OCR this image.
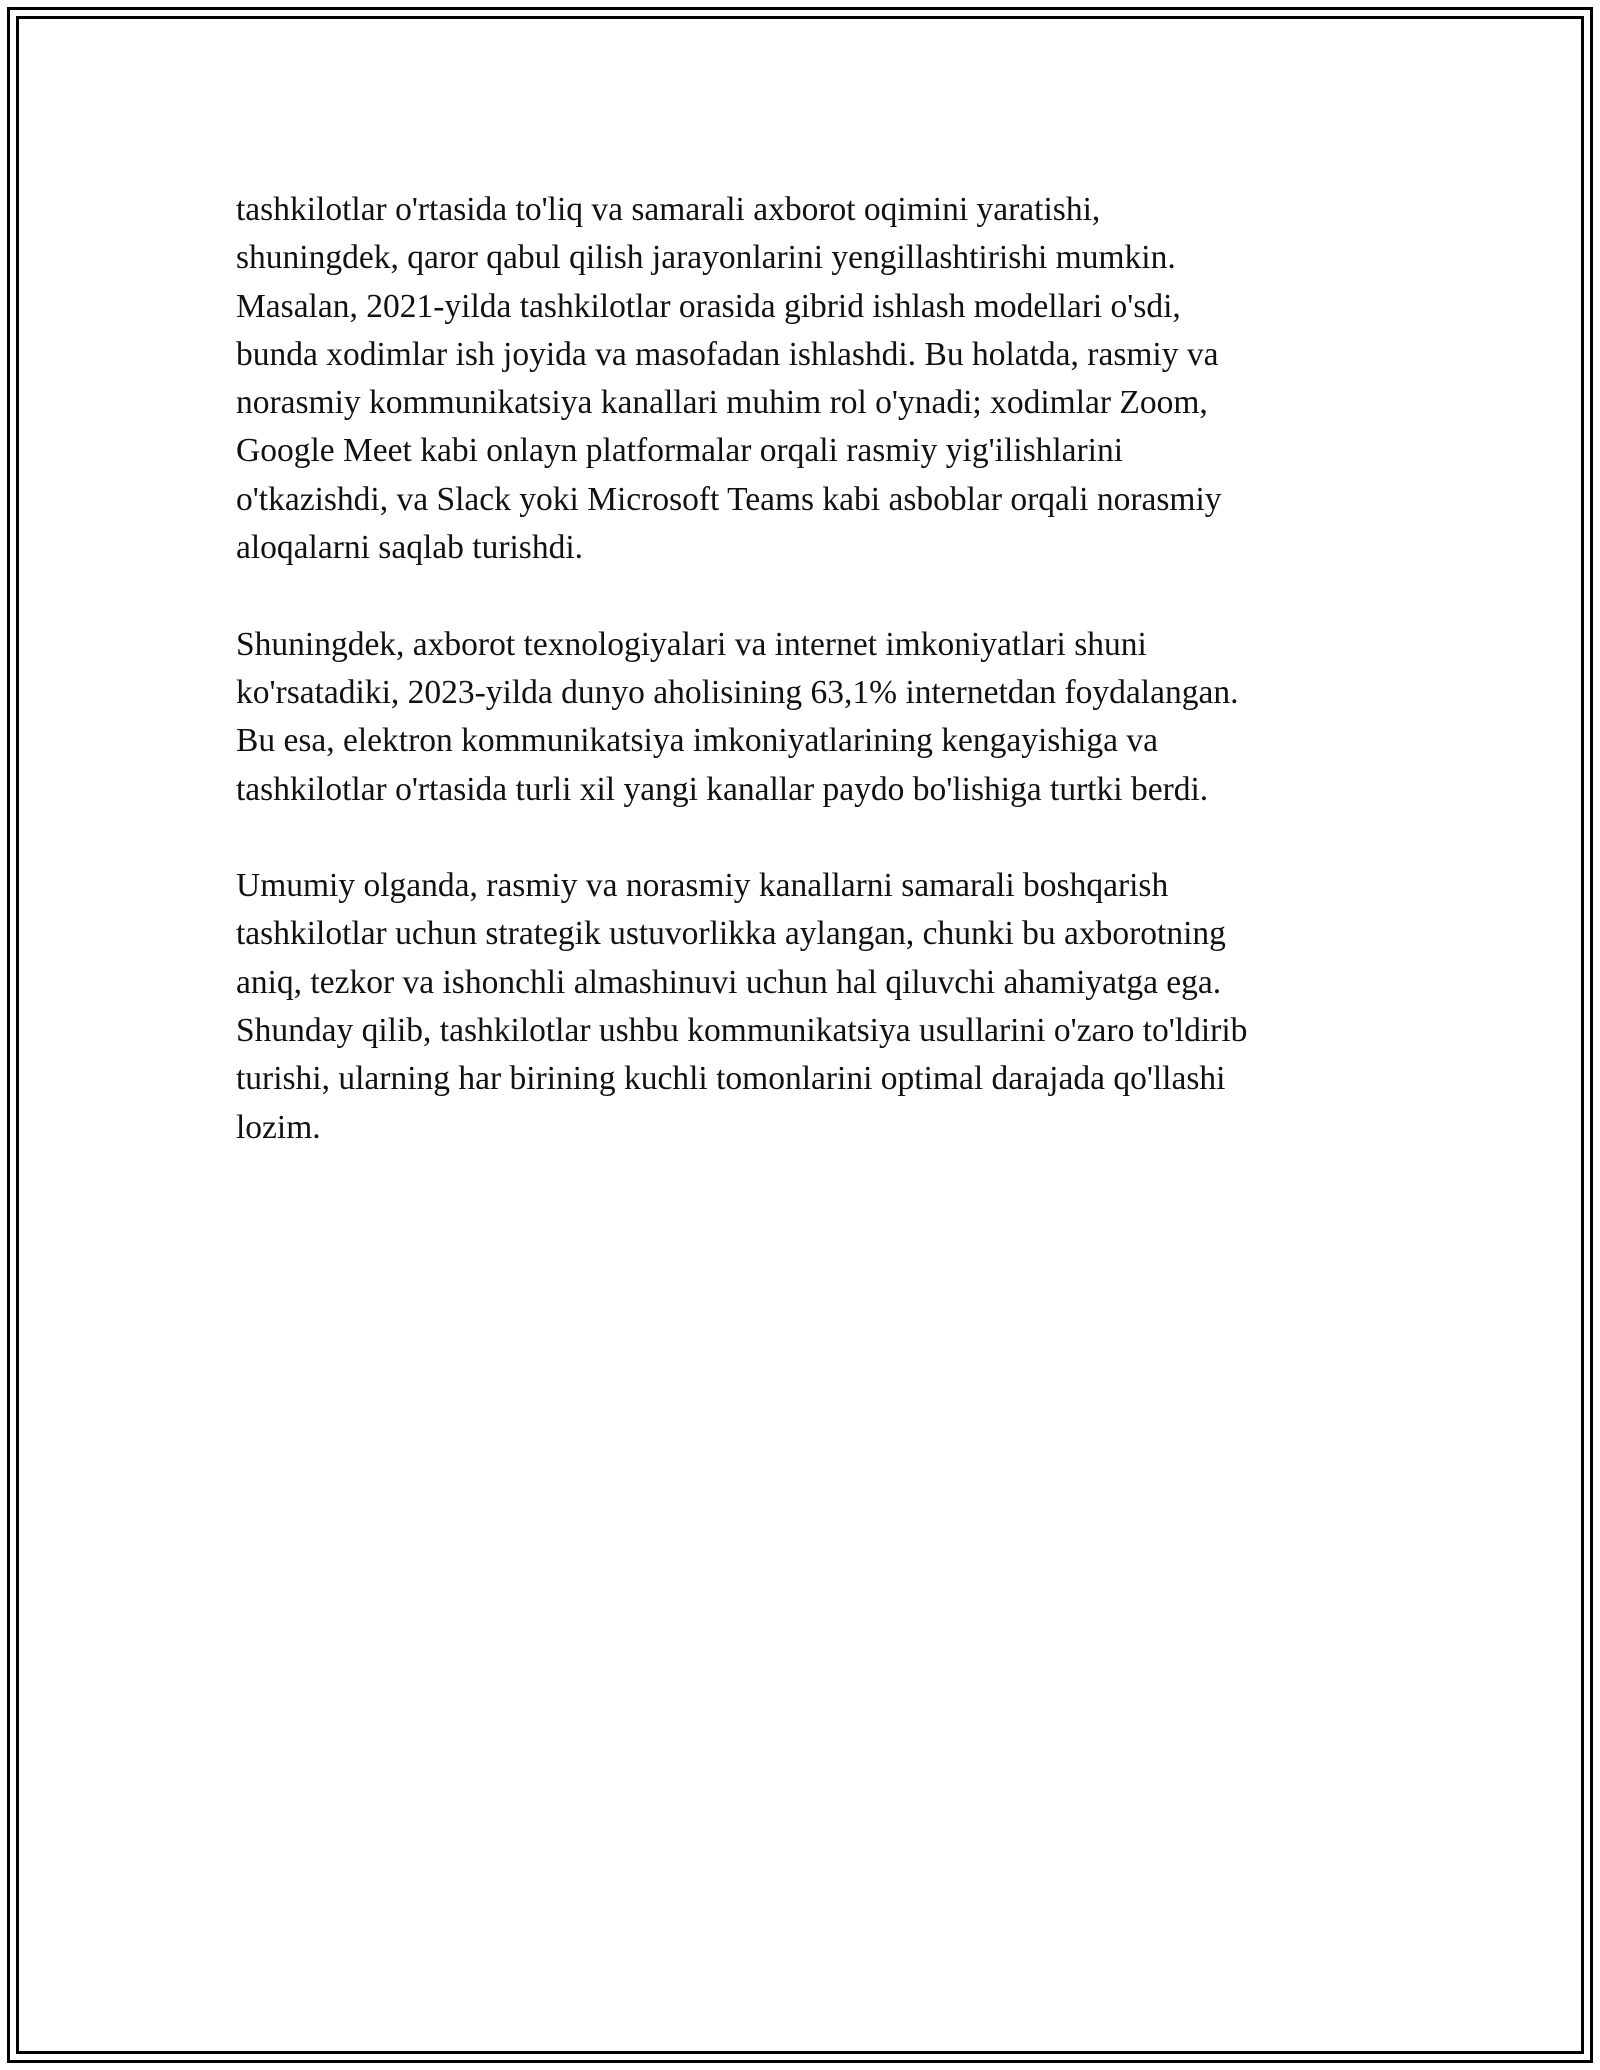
tashkilotlar o'rtasida to'liq va samarali axborot oqimini yaratishi,
shuningdek, qaror qabul qilish jarayonlarini yengillashtirishi mumkin.
Masalan, 2021-yilda tashkilotlar orasida gibrid ishlash modellari o'sdi,
bunda xodimlar ish joyida va masofadan ishlashdi. Bu holatda, rasmiy va
norasmiy kommunikatsiya kanallari muhim rol o'ynadi; xodimlar Zoom,
Google Meet kabi onlayn platformalar orqali rasmiy yig'ilishlarini
o'tkazishdi, va Slack yoki Microsoft Teams kabi asboblar orqali norasmiy
aloqalarni saqlab turishdi.

Shuningdek, axborot texnologiyalari va internet imkoniyatlari shuni
ko'rsatadiki, 2023-yilda dunyo aholisining 63,1% internetdan foydalangan.
Bu esa, elektron kommunikatsiya imkoniyatlarining kengayishiga va
tashkilotlar o'rtasida turli xil yangi kanallar paydo bo'lishiga turtki berdi.

Umumiy olganda, rasmiy va norasmiy kanallarni samarali boshqarish
tashkilotlar uchun strategik ustuvorlikka aylangan, chunki bu axborotning
aniq, tezkor va ishonchli almashinuvi uchun hal qiluvchi ahamiyatga ega.
Shunday qilib, tashkilotlar ushbu kommunikatsiya usullarini o'zaro to'ldirib
turishi, ularning har birining kuchli tomonlarini optimal darajada qo'llashi
lozim.
